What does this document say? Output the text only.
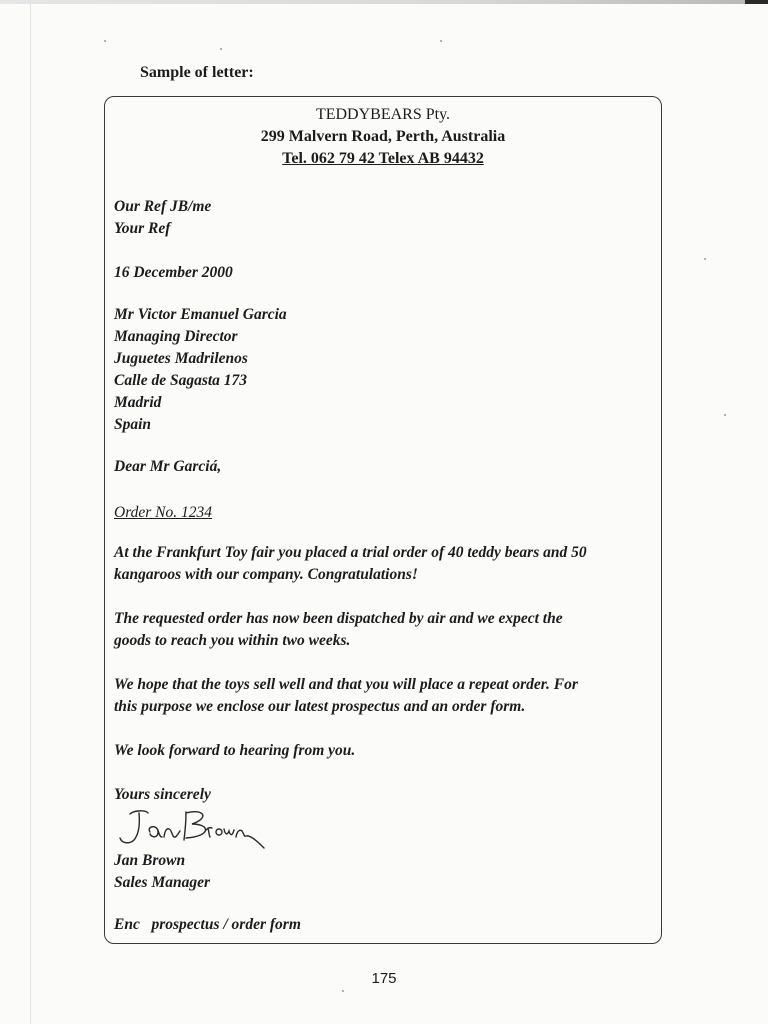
Sample of letter:
TEDDYBEARS Pty.
299 Malvern Road, Perth, Australia
Tel. 062 79 42 Telex AB 94432
Our Ref JB/me
Your Ref
16 December 2000
Mr Victor Emanuel Garcia
Managing Director
Juguetes Madrilenos
Calle de Sagasta 173
Madrid
Spain
Dear Mr Garciá,
Order No. 1234
At the Frankfurt Toy fair you placed a trial order of 40 teddy bears and 50
kangaroos with our company. Congratulations!
The requested order has now been dispatched by air and we expect the
goods to reach you within two weeks.
We hope that the toys sell well and that you will place a repeat order. For
this purpose we enclose our latest prospectus and an order form.
We look forward to hearing from you.
Yours sincerely
Jan Brown
Sales Manager
Enc   prospectus / order form
175
